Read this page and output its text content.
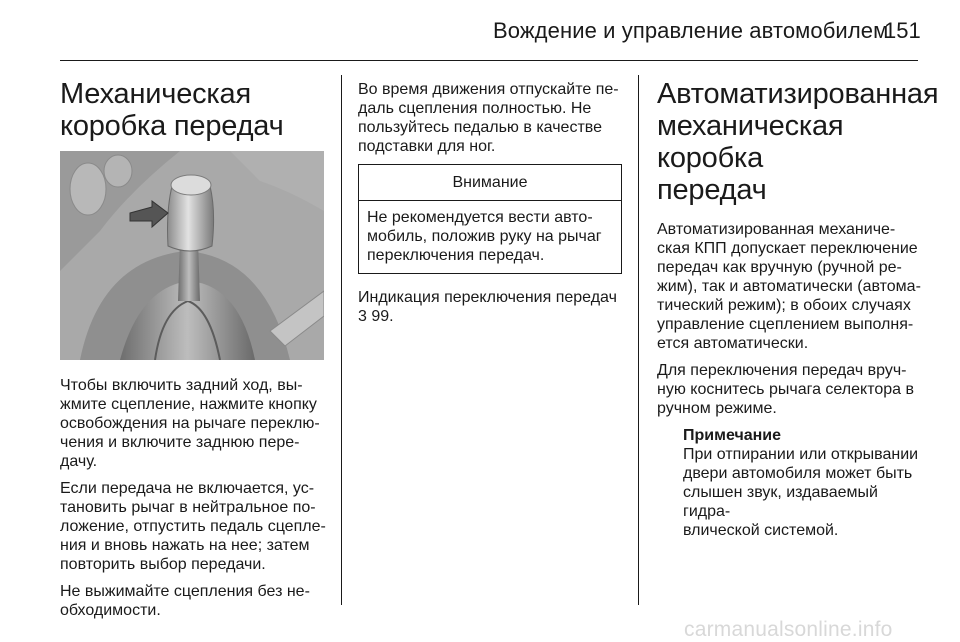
Вождение и управление автомобилем
151
Механическая
коробка передач

Чтобы включить задний ход, вы-
жмите сцепление, нажмите кнопку
освобождения на рычаге переклю-
чения и включите заднюю пере-
дачу.

Если передача не включается, ус-
тановить рычаг в нейтральное по-
ложение, отпустить педаль сцепле-
ния и вновь нажать на нее; затем
повторить выбор передачи.

Не выжимайте сцепления без не-
обходимости.

Во время движения отпускайте пе-
даль сцепления полностью. Не
пользуйтесь педалью в качестве
подставки для ног.

Внимание
Не рекомендуется вести авто-
мобиль, положив руку на рычаг
переключения передач.

Индикация переключения передач
3 99.

Автоматизированная
механическая коробка
передач

Автоматизированная механиче-
ская КПП допускает переключение
передач как вручную (ручной ре-
жим), так и автоматически (автома-
тический режим); в обоих случаях
управление сцеплением выполня-
ется автоматически.

Для переключения передач вруч-
ную коснитесь рычага селектора в
ручном режиме.

Примечание
При отпирании или открывании
двери автомобиля может быть
слышен звук, издаваемый гидра-
влической системой.
carmanualsonline.info
